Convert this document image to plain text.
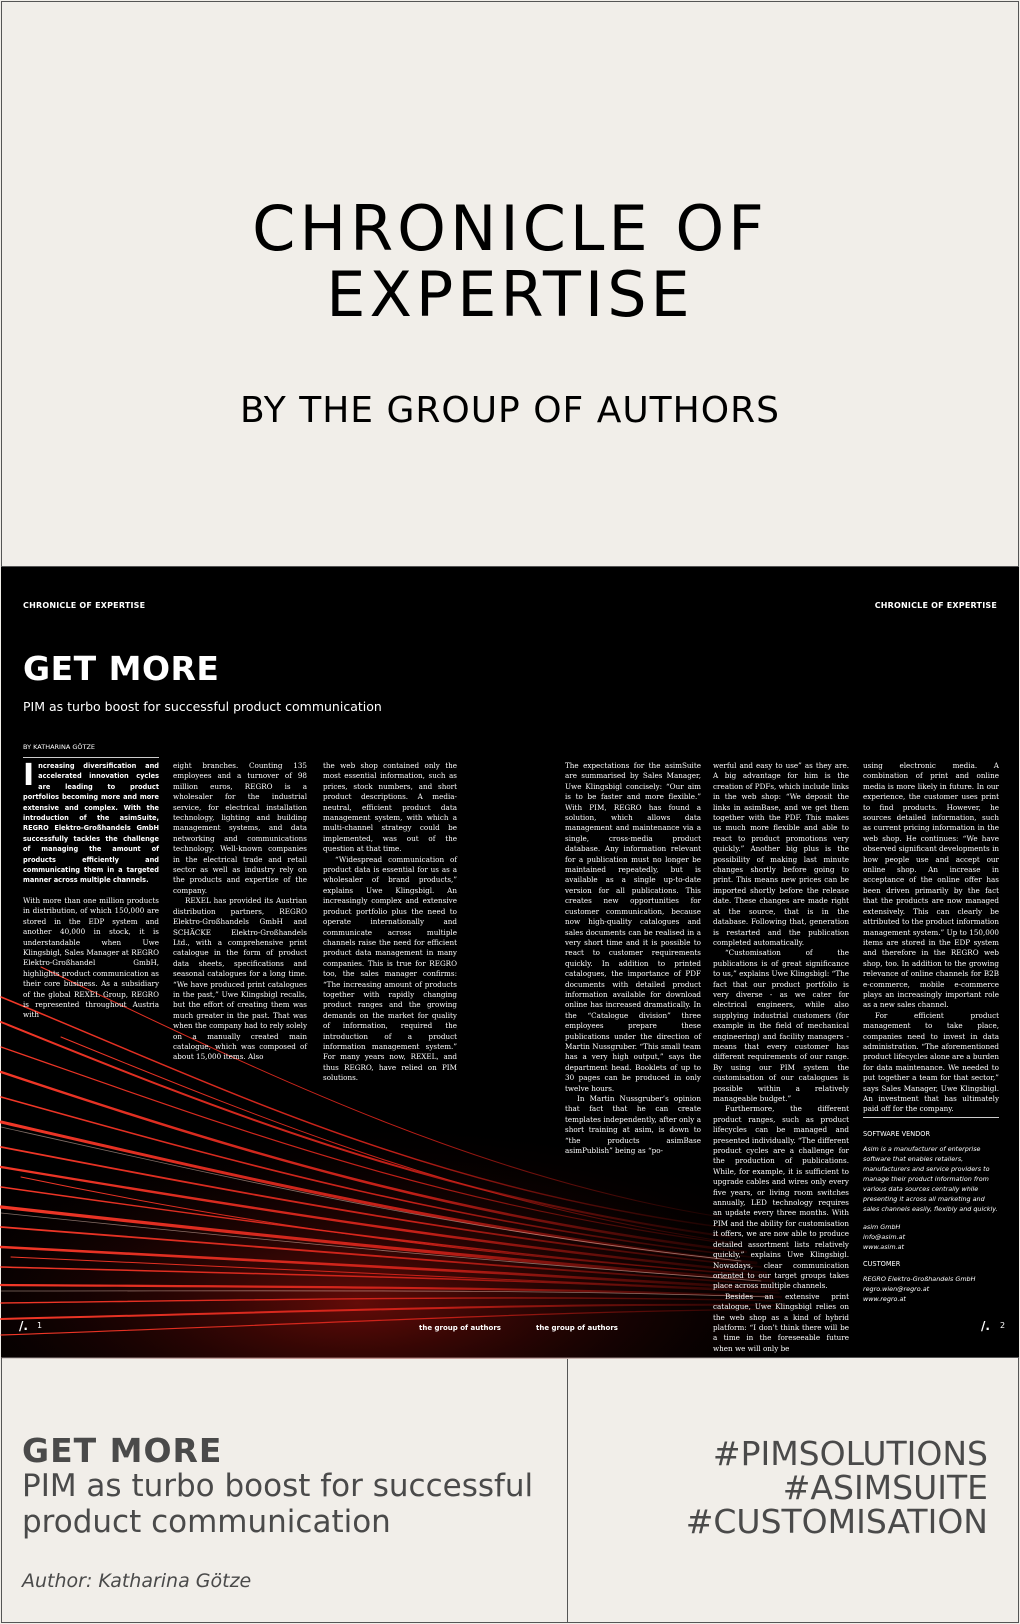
CHRONICLE OF
EXPERTISE
BY THE GROUP OF AUTHORS
CHRONICLE OF EXPERTISE	CHRONICLE OF EXPERTISE
GET MORE
PIM as turbo boost for successful product communication
BY KATHARINA GÖTZE
Increasing diversification and accelerated innovation cycles are leading to product portfolios becoming more and more extensive and complex. With the introduction of the asimSuite, REGRO Elektro-Großhandels GmbH successfully tackles the challenge of managing the amount of products efficiently and communicating them in a targeted manner across multiple channels.

With more than one million products in distribution, of which 150,000 are stored in the EDP system and another 40,000 in stock, it is understandable when Uwe Klingsbigl, Sales Manager at REGRO Elektro-Großhandel GmbH, highlights product communication as their core business. As a subsidiary of the global REXEL Group, REGRO is represented throughout Austria with

eight branches. Counting 135 employees and a turnover of 98 million euros, REGRO is a wholesaler for the industrial service, for electrical installation technology, lighting and building management systems, and data networking and communications technology. Well-known companies in the electrical trade and retail sector as well as industry rely on the products and expertise of the company.

REXEL has provided its Austrian distribution partners, REGRO Elektro-Großhandels GmbH and SCHÄCKE Elektro-Großhandels Ltd., with a comprehensive print catalogue in the form of product data sheets, specifications and seasonal catalogues for a long time. “We have produced print catalogues in the past,” Uwe Klingsbigl recalls, but the effort of creating them was much greater in the past. That was when the company had to rely solely on a manually created main catalogue, which was composed of about 15,000 items. Also

the web shop contained only the most essential information, such as prices, stock numbers, and short product descriptions. A media-neutral, efficient product data management system, with which a multi-channel strategy could be implemented, was out of the question at that time.

“Widespread communication of product data is essential for us as a wholesaler of brand products,” explains Uwe Klingsbigl. An increasingly complex and extensive product portfolio plus the need to operate internationally and communicate across multiple channels raise the need for efficient product data management in many companies. This is true for REGRO too, the sales manager confirms: “The increasing amount of products together with rapidly changing product ranges and the growing demands on the market for quality of information, required the introduction of a product information management system.” For many years now, REXEL, and thus REGRO, have relied on PIM solutions.

The expectations for the asimSuite are summarised by Sales Manager, Uwe Klingsbigl concisely: “Our aim is to be faster and more flexible.” With PIM, REGRO has found a solution, which allows data management and maintenance via a single, cross-media product database. Any information relevant for a publication must no longer be maintained repeatedly, but is available as a single up-to-date version for all publications. This creates new opportunities for customer communication, because now high-quality catalogues and sales documents can be realised in a very short time and it is possible to react to customer requirements quickly. In addition to printed catalogues, the importance of PDF documents with detailed product information available for download online has increased dramatically. In the “Catalogue division” three employees prepare these publications under the direction of Martin Nussgruber. “This small team has a very high output,” says the department head. Booklets of up to 30 pages can be produced in only twelve hours.

In Martin Nussgruber’s opinion that fact that he can create templates independently, after only a short training at asim, is down to “the products asimBase asimPublish” being as “po-

werful and easy to use” as they are. A big advantage for him is the creation of PDFs, which include links in the web shop: “We deposit the links in asimBase, and we get them together with the PDF. This makes us much more flexible and able to react to product promotions very quickly.” Another big plus is the possibility of making last minute changes shortly before going to print. This means new prices can be imported shortly before the release date. These changes are made right at the source, that is in the database. Following that, generation is restarted and the publication completed automatically.

“Customisation of the publications is of great significance to us,” explains Uwe Klingsbigl: “The fact that our product portfolio is very diverse - as we cater for electrical engineers, while also supplying industrial customers (for example in the field of mechanical engineering) and facility managers - means that every customer has different requirements of our range. By using our PIM system the customisation of our catalogues is possible within a relatively manageable budget.”

Furthermore, the different product ranges, such as product lifecycles can be managed and presented individually. “The different product cycles are a challenge for the production of publications. While, for example, it is sufficient to upgrade cables and wires only every five years, or living room switches annually, LED technology requires an update every three months. With PIM and the ability for customisation it offers, we are now able to produce detailed assortment lists relatively quickly,” explains Uwe Klingsbigl. Nowadays, clear communication oriented to our target groups takes place across multiple channels.

Besides an extensive print catalogue, Uwe Klingsbigl relies on the web shop as a kind of hybrid platform: “I don’t think there will be a time in the foreseeable future when we will only be

using electronic media. A combination of print and online media is more likely in future. In our experience, the customer uses print to find products. However, he sources detailed information, such as current pricing information in the web shop. He continues: “We have observed significant developments in how people use and accept our online shop. An increase in acceptance of the online offer has been driven primarily by the fact that the products are now managed extensively. This can clearly be attributed to the product information management system.” Up to 150,000 items are stored in the EDP system and therefore in the REGRO web shop, too. In addition to the growing relevance of online channels for B2B e-commerce, mobile e-commerce plays an increasingly important role as a new sales channel.

For efficient product management to take place, companies need to invest in data administration. “The aforementioned product lifecycles alone are a burden for data maintenance. We needed to put together a team for that sector,” says Sales Manager, Uwe Klingsbigl. An investment that has ultimately paid off for the company.

SOFTWARE VENDOR
Asim is a manufacturer of enterprise software that enables retailers, manufacturers and service providers to manage their product information from various data sources centrally while presenting it across all marketing and sales channels easily, flexibly and quickly.
asim GmbH
info@asim.at
www.asim.at
CUSTOMER
REGRO Elektro-Großhandels GmbH
regro.wien@regro.at
www.regro.at
/. 1	the group of authors	the group of authors	/. 2
GET MORE
PIM as turbo boost for successful product communication
Author: Katharina Götze
#PIMSOLUTIONS
#ASIMSUITE
#CUSTOMISATION
